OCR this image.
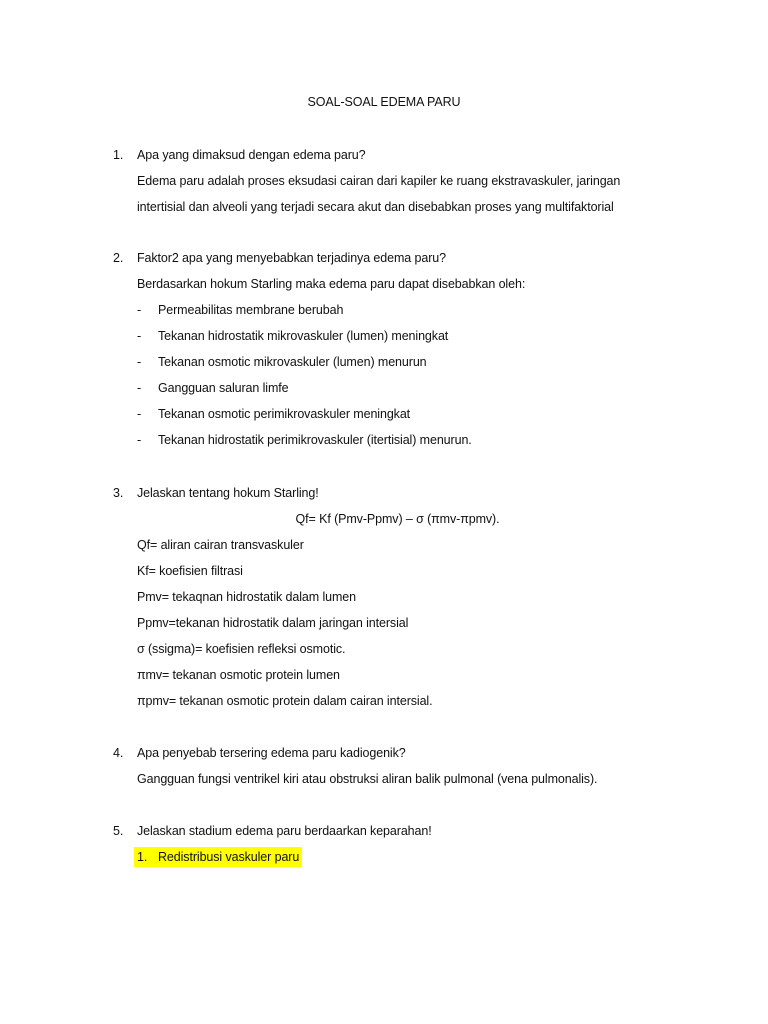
SOAL-SOAL EDEMA PARU
1. Apa yang dimaksud dengan edema paru?
Edema paru adalah proses eksudasi cairan dari kapiler ke ruang ekstravaskuler, jaringan
intertisial dan alveoli yang terjadi secara akut dan disebabkan proses yang multifaktorial
2. Faktor2 apa yang menyebabkan terjadinya edema paru?
Berdasarkan hokum Starling maka edema paru dapat disebabkan oleh:
- Permeabilitas membrane berubah
- Tekanan hidrostatik mikrovaskuler (lumen) meningkat
- Tekanan osmotic mikrovaskuler (lumen) menurun
- Gangguan saluran limfe
- Tekanan osmotic perimikrovaskuler meningkat
- Tekanan hidrostatik perimikrovaskuler (itertisial) menurun.
3. Jelaskan tentang hokum Starling!
Qf= Kf (Pmv-Ppmv) – σ (πmv-πpmv).
Qf= aliran cairan transvaskuler
Kf= koefisien filtrasi
Pmv= tekaqnan hidrostatik dalam lumen
Ppmv=tekanan hidrostatik dalam jaringan intersial
σ (ssigma)= koefisien refleksi osmotic.
πmv= tekanan osmotic protein lumen
πpmv= tekanan osmotic protein dalam cairan intersial.
4. Apa penyebab tersering edema paru kadiogenik?
Gangguan fungsi ventrikel kiri atau obstruksi aliran balik pulmonal (vena pulmonalis).
5. Jelaskan stadium edema paru berdaarkan keparahan!
1. Redistribusi vaskuler paru
